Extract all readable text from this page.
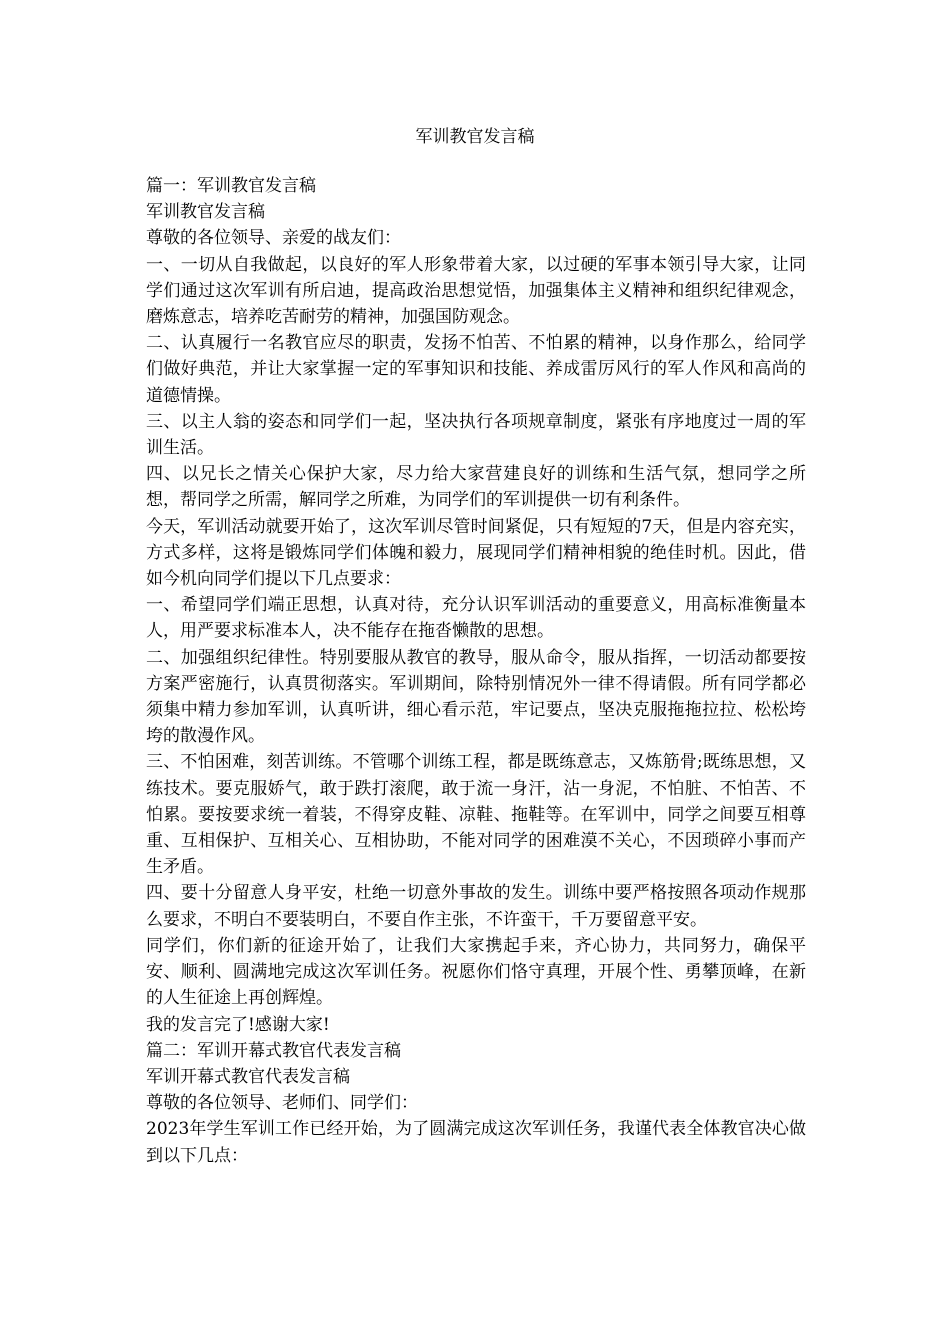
军训教官发言稿

篇一：军训教官发言稿

军训教官发言稿

尊敬的各位领导、亲爱的战友们：

一、一切从自我做起，以良好的军人形象带着大家，以过硬的军事本领引导大家，让同学们通过这次军训有所启迪，提高政治思想觉悟，加强集体主义精神和组织纪律观念，磨炼意志，培养吃苦耐劳的精神，加强国防观念。

二、认真履行一名教官应尽的职责，发扬不怕苦、不怕累的精神，以身作那么，给同学们做好典范，并让大家掌握一定的军事知识和技能、养成雷厉风行的军人作风和高尚的道德情操。

三、以主人翁的姿态和同学们一起，坚决执行各项规章制度，紧张有序地度过一周的军训生活。

四、以兄长之情关心保护大家，尽力给大家营建良好的训练和生活气氛，想同学之所想，帮同学之所需，解同学之所难，为同学们的军训提供一切有利条件。

今天，军训活动就要开始了，这次军训尽管时间紧促，只有短短的7天，但是内容充实，方式多样，这将是锻炼同学们体魄和毅力，展现同学们精神相貌的绝佳时机。因此，借如今机向同学们提以下几点要求：

一、希望同学们端正思想，认真对待，充分认识军训活动的重要意义，用高标准衡量本人，用严要求标准本人，决不能存在拖沓懒散的思想。

二、加强组织纪律性。特别要服从教官的教导，服从命令，服从指挥，一切活动都要按方案严密施行，认真贯彻落实。军训期间，除特别情况外一律不得请假。所有同学都必须集中精力参加军训，认真听讲，细心看示范，牢记要点，坚决克服拖拖拉拉、松松垮垮的散漫作风。

三、不怕困难，刻苦训练。不管哪个训练工程，都是既练意志，又炼筋骨;既练思想，又练技术。要克服娇气，敢于跌打滚爬，敢于流一身汗，沾一身泥，不怕脏、不怕苦、不怕累。要按要求统一着装，不得穿皮鞋、凉鞋、拖鞋等。在军训中，同学之间要互相尊重、互相保护、互相关心、互相协助，不能对同学的困难漠不关心，不因琐碎小事而产生矛盾。

四、要十分留意人身平安，杜绝一切意外事故的发生。训练中要严格按照各项动作规那么要求，不明白不要装明白，不要自作主张，不许蛮干，千万要留意平安。

同学们，你们新的征途开始了，让我们大家携起手来，齐心协力，共同努力，确保平安、顺利、圆满地完成这次军训任务。祝愿你们恪守真理，开展个性、勇攀顶峰，在新的人生征途上再创辉煌。

我的发言完了!感谢大家!

篇二：军训开幕式教官代表发言稿

军训开幕式教官代表发言稿

尊敬的各位领导、老师们、同学们：

2023年学生军训工作已经开始，为了圆满完成这次军训任务，我谨代表全体教官决心做到以下几点：
